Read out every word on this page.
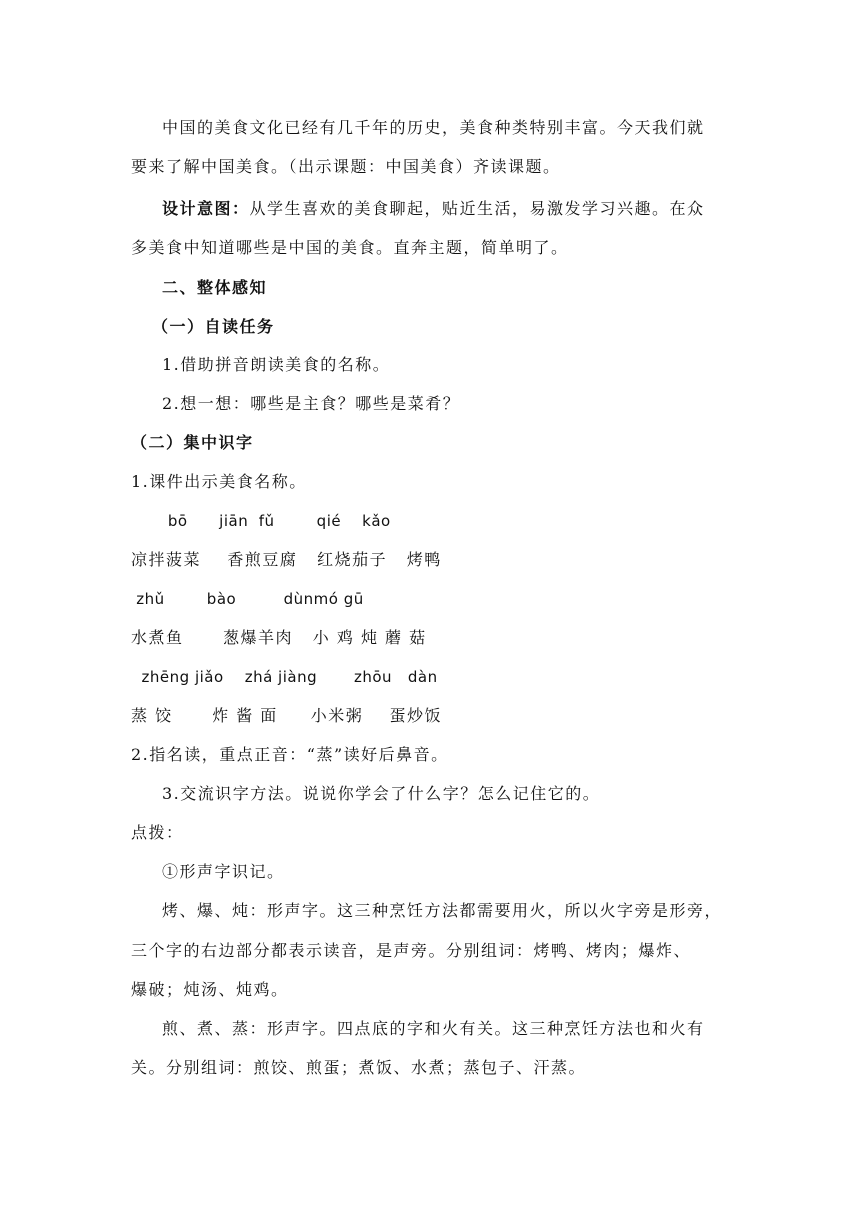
中国的美食文化已经有几千年的历史，美食种类特别丰富。今天我们就
要来了解中国美食。（出示课题：中国美食）齐读课题。
设计意图：从学生喜欢的美食聊起，贴近生活，易激发学习兴趣。在众
多美食中知道哪些是中国的美食。直奔主题，简单明了。
二、整体感知
（一）自读任务
1.借助拼音朗读美食的名称。
2.想一想：哪些是主食？哪些是菜肴？
（二）集中识字
1.课件出示美食名称。
bō      jiān  fǔ        qié    kǎo
凉拌菠菜    香煎豆腐   红烧茄子   烤鸭
zhǔ        bào         dùnmó gū
水煮鱼      葱爆羊肉   小 鸡 炖 蘑 菇
zhēng jiǎo    zhá jiàng       zhōu   dàn
蒸 饺      炸 酱 面     小米粥    蛋炒饭
2.指名读，重点正音：“蒸”读好后鼻音。
3.交流识字方法。说说你学会了什么字？怎么记住它的。
点拨：
①形声字识记。
烤、爆、炖：形声字。这三种烹饪方法都需要用火，所以火字旁是形旁，
三个字的右边部分都表示读音，是声旁。分别组词：烤鸭、烤肉；爆炸、
爆破；炖汤、炖鸡。
煎、煮、蒸：形声字。四点底的字和火有关。这三种烹饪方法也和火有
关。分别组词：煎饺、煎蛋；煮饭、水煮；蒸包子、汗蒸。
